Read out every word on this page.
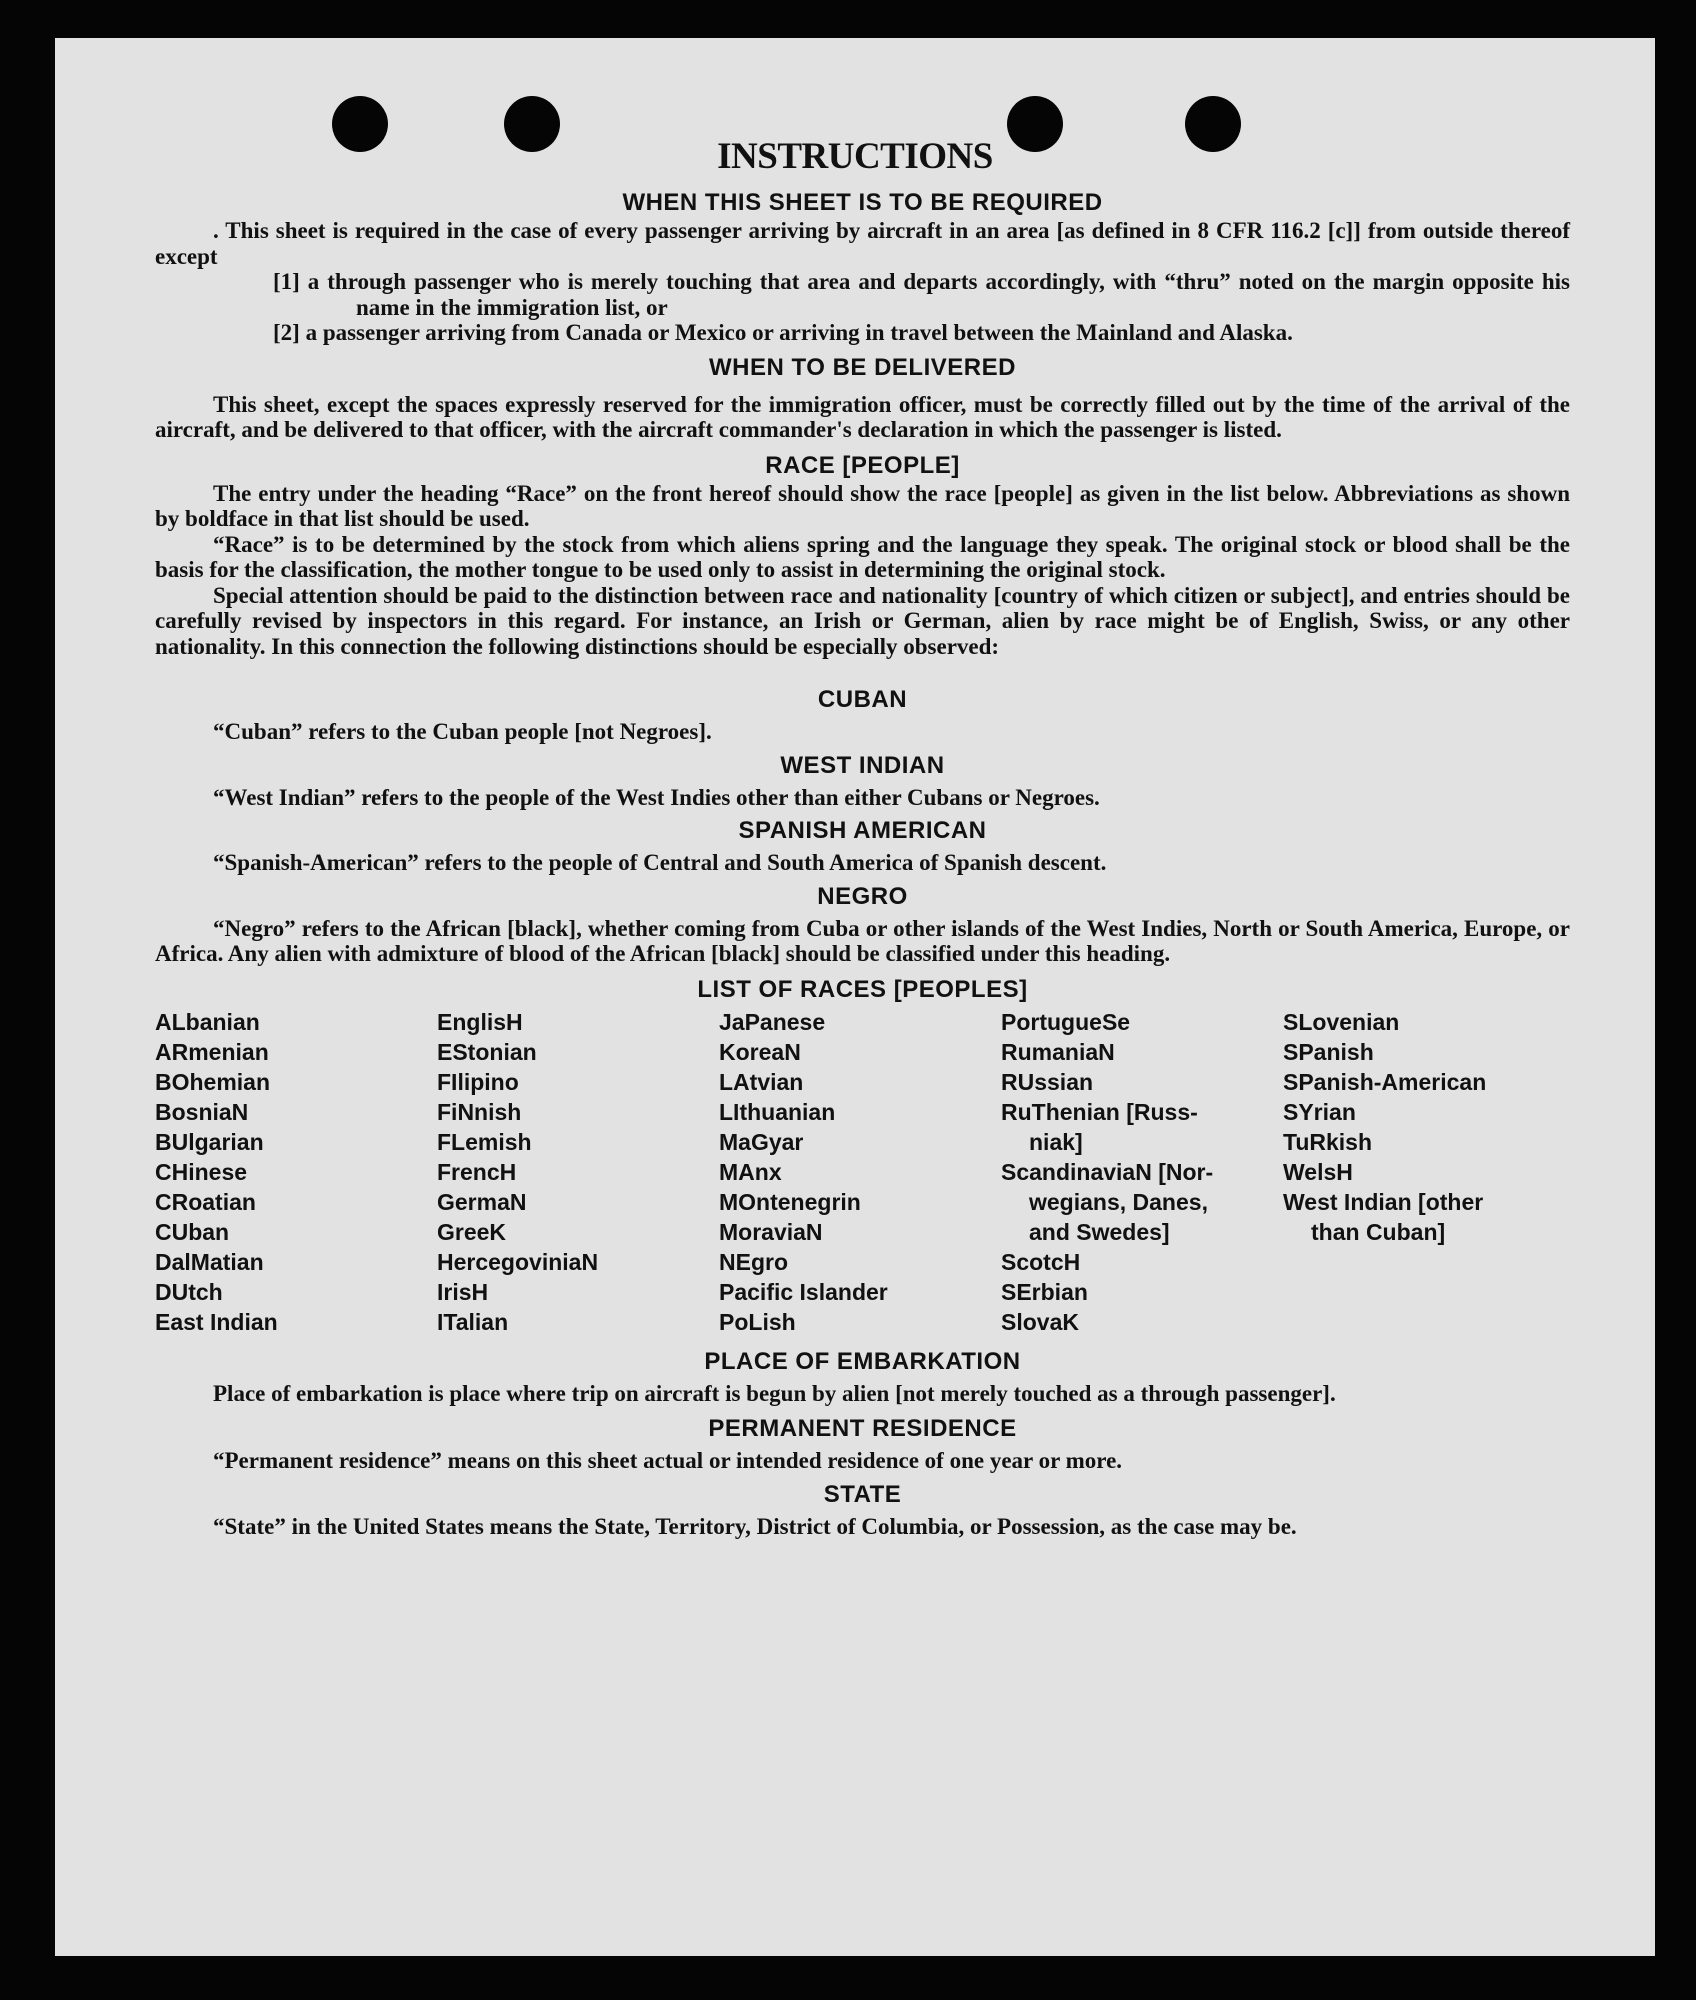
INSTRUCTIONS
WHEN THIS SHEET IS TO BE REQUIRED

. This sheet is required in the case of every passenger arriving by aircraft in an area [as defined in 8 CFR 116.2 [c]] from outside thereof except

[1] a through passenger who is merely touching that area and departs accordingly, with “thru” noted on the margin opposite his name in the immigration list, or

[2] a passenger arriving from Canada or Mexico or arriving in travel between the Mainland and Alaska.

WHEN TO BE DELIVERED

This sheet, except the spaces expressly reserved for the immigration officer, must be correctly filled out by the time of the arrival of the aircraft, and be delivered to that officer, with the aircraft commander's declaration in which the passenger is listed.

RACE [PEOPLE]

The entry under the heading “Race” on the front hereof should show the race [people] as given in the list below. Abbreviations as shown by boldface in that list should be used.

“Race” is to be determined by the stock from which aliens spring and the language they speak. The original stock or blood shall be the basis for the classification, the mother tongue to be used only to assist in determining the original stock.

Special attention should be paid to the distinction between race and nationality [country of which citizen or subject], and entries should be carefully revised by inspectors in this regard. For instance, an Irish or German, alien by race might be of English, Swiss, or any other nationality. In this connection the following distinctions should be especially observed:

CUBAN

“Cuban” refers to the Cuban people [not Negroes].

WEST INDIAN

“West Indian” refers to the people of the West Indies other than either Cubans or Negroes.

SPANISH AMERICAN

“Spanish-American” refers to the people of Central and South America of Spanish descent.

NEGRO

“Negro” refers to the African [black], whether coming from Cuba or other islands of the West Indies, North or South America, Europe, or Africa. Any alien with admixture of blood of the African [black] should be classified under this heading.

LIST OF RACES [PEOPLES]
ALbanian
ARmenian
BOhemian
BosniaN
BUlgarian
CHinese
CRoatian
CUban
DalMatian
DUtch
East Indian
EnglisH
EStonian
FIlipino
FiNnish
FLemish
FrencH
GermaN
GreeK
HercegoviniaN
IrisH
ITalian
JaPanese
KoreaN
LAtvian
LIthuanian
MaGyar
MAnx
MOntenegrin
MoraviaN
NEgro
Pacific Islander
PoLish
PortugueSe
RumaniaN
RUssian
RuThenian [Russ-
niak]
ScandinaviaN [Nor-
wegians, Danes,
and Swedes]
ScotcH
SErbian
SlovaK
SLovenian
SPanish
SPanish-American
SYrian
TuRkish
WelsH
West Indian [other
than Cuban]
PLACE OF EMBARKATION

Place of embarkation is place where trip on aircraft is begun by alien [not merely touched as a through passenger].

PERMANENT RESIDENCE

“Permanent residence” means on this sheet actual or intended residence of one year or more.

STATE

“State” in the United States means the State, Territory, District of Columbia, or Possession, as the case may be.
